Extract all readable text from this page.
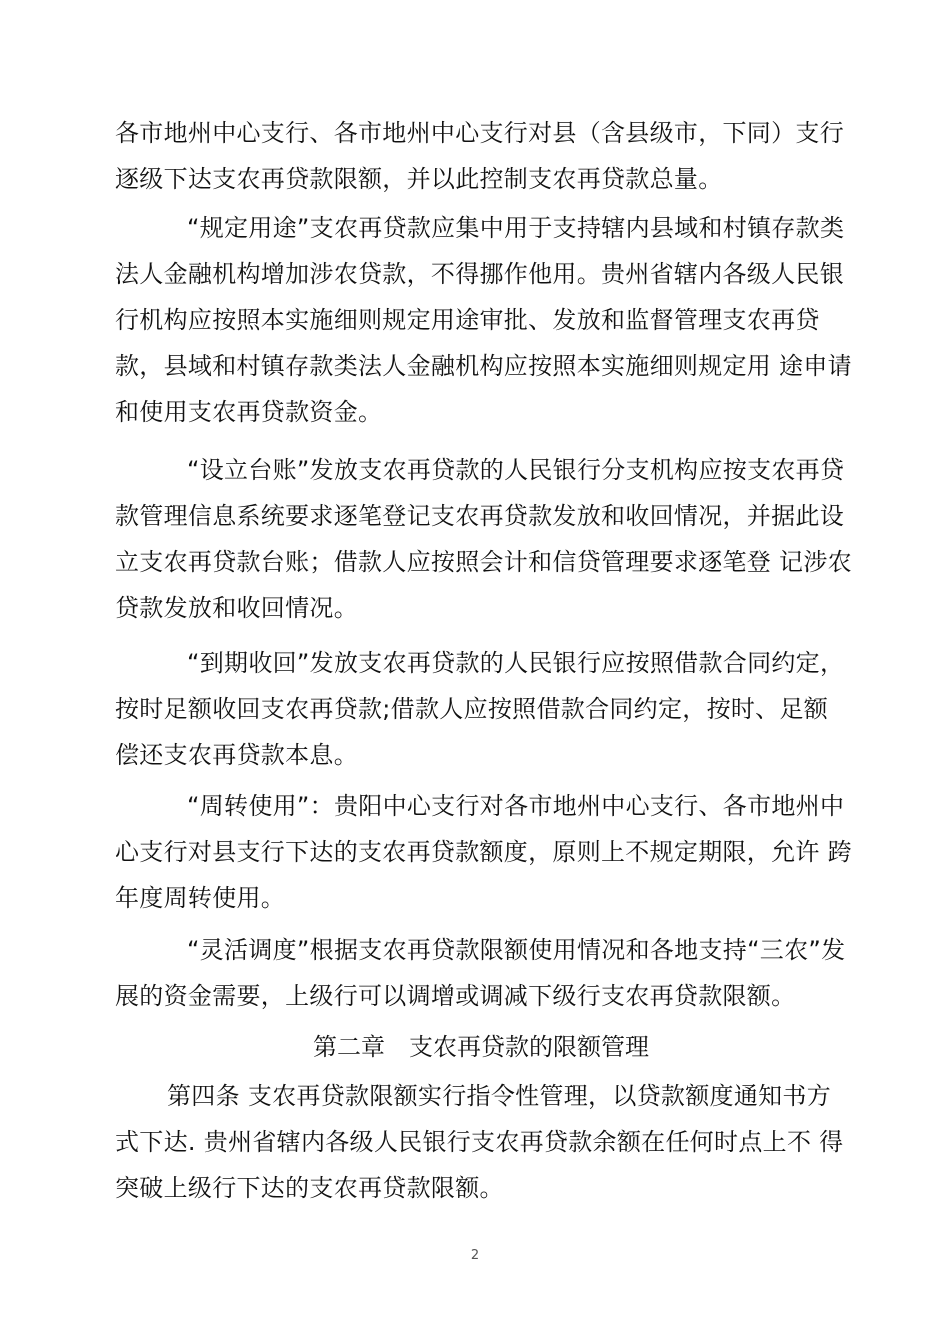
各市地州中心支行、各市地州中心支行对县（含县级市，下同）支行逐级下达支农再贷款限额，并以此控制支农再贷款总量。
“规定用途”支农再贷款应集中用于支持辖内县域和村镇存款类法人金融机构增加涉农贷款，不得挪作他用。贵州省辖内各级人民银行机构应按照本实施细则规定用途审批、发放和监督管理支农再贷款，县域和村镇存款类法人金融机构应按照本实施细则规定用 途申请和使用支农再贷款资金。
“设立台账”发放支农再贷款的人民银行分支机构应按支农再贷款管理信息系统要求逐笔登记支农再贷款发放和收回情况，并据此设立支农再贷款台账；借款人应按照会计和信贷管理要求逐笔登 记涉农贷款发放和收回情况。
“到期收回”发放支农再贷款的人民银行应按照借款合同约定，按时足额收回支农再贷款;借款人应按照借款合同约定，按时、足额 偿还支农再贷款本息。
“周转使用”：贵阳中心支行对各市地州中心支行、各市地州中心支行对县支行下达的支农再贷款额度，原则上不规定期限，允许 跨年度周转使用。
“灵活调度”根据支农再贷款限额使用情况和各地支持“三农”发展的资金需要，上级行可以调增或调减下级行支农再贷款限额。
第二章　支农再贷款的限额管理
第四条 支农再贷款限额实行指令性管理，以贷款额度通知书方 式下达. 贵州省辖内各级人民银行支农再贷款余额在任何时点上不 得突破上级行下达的支农再贷款限额。
2
